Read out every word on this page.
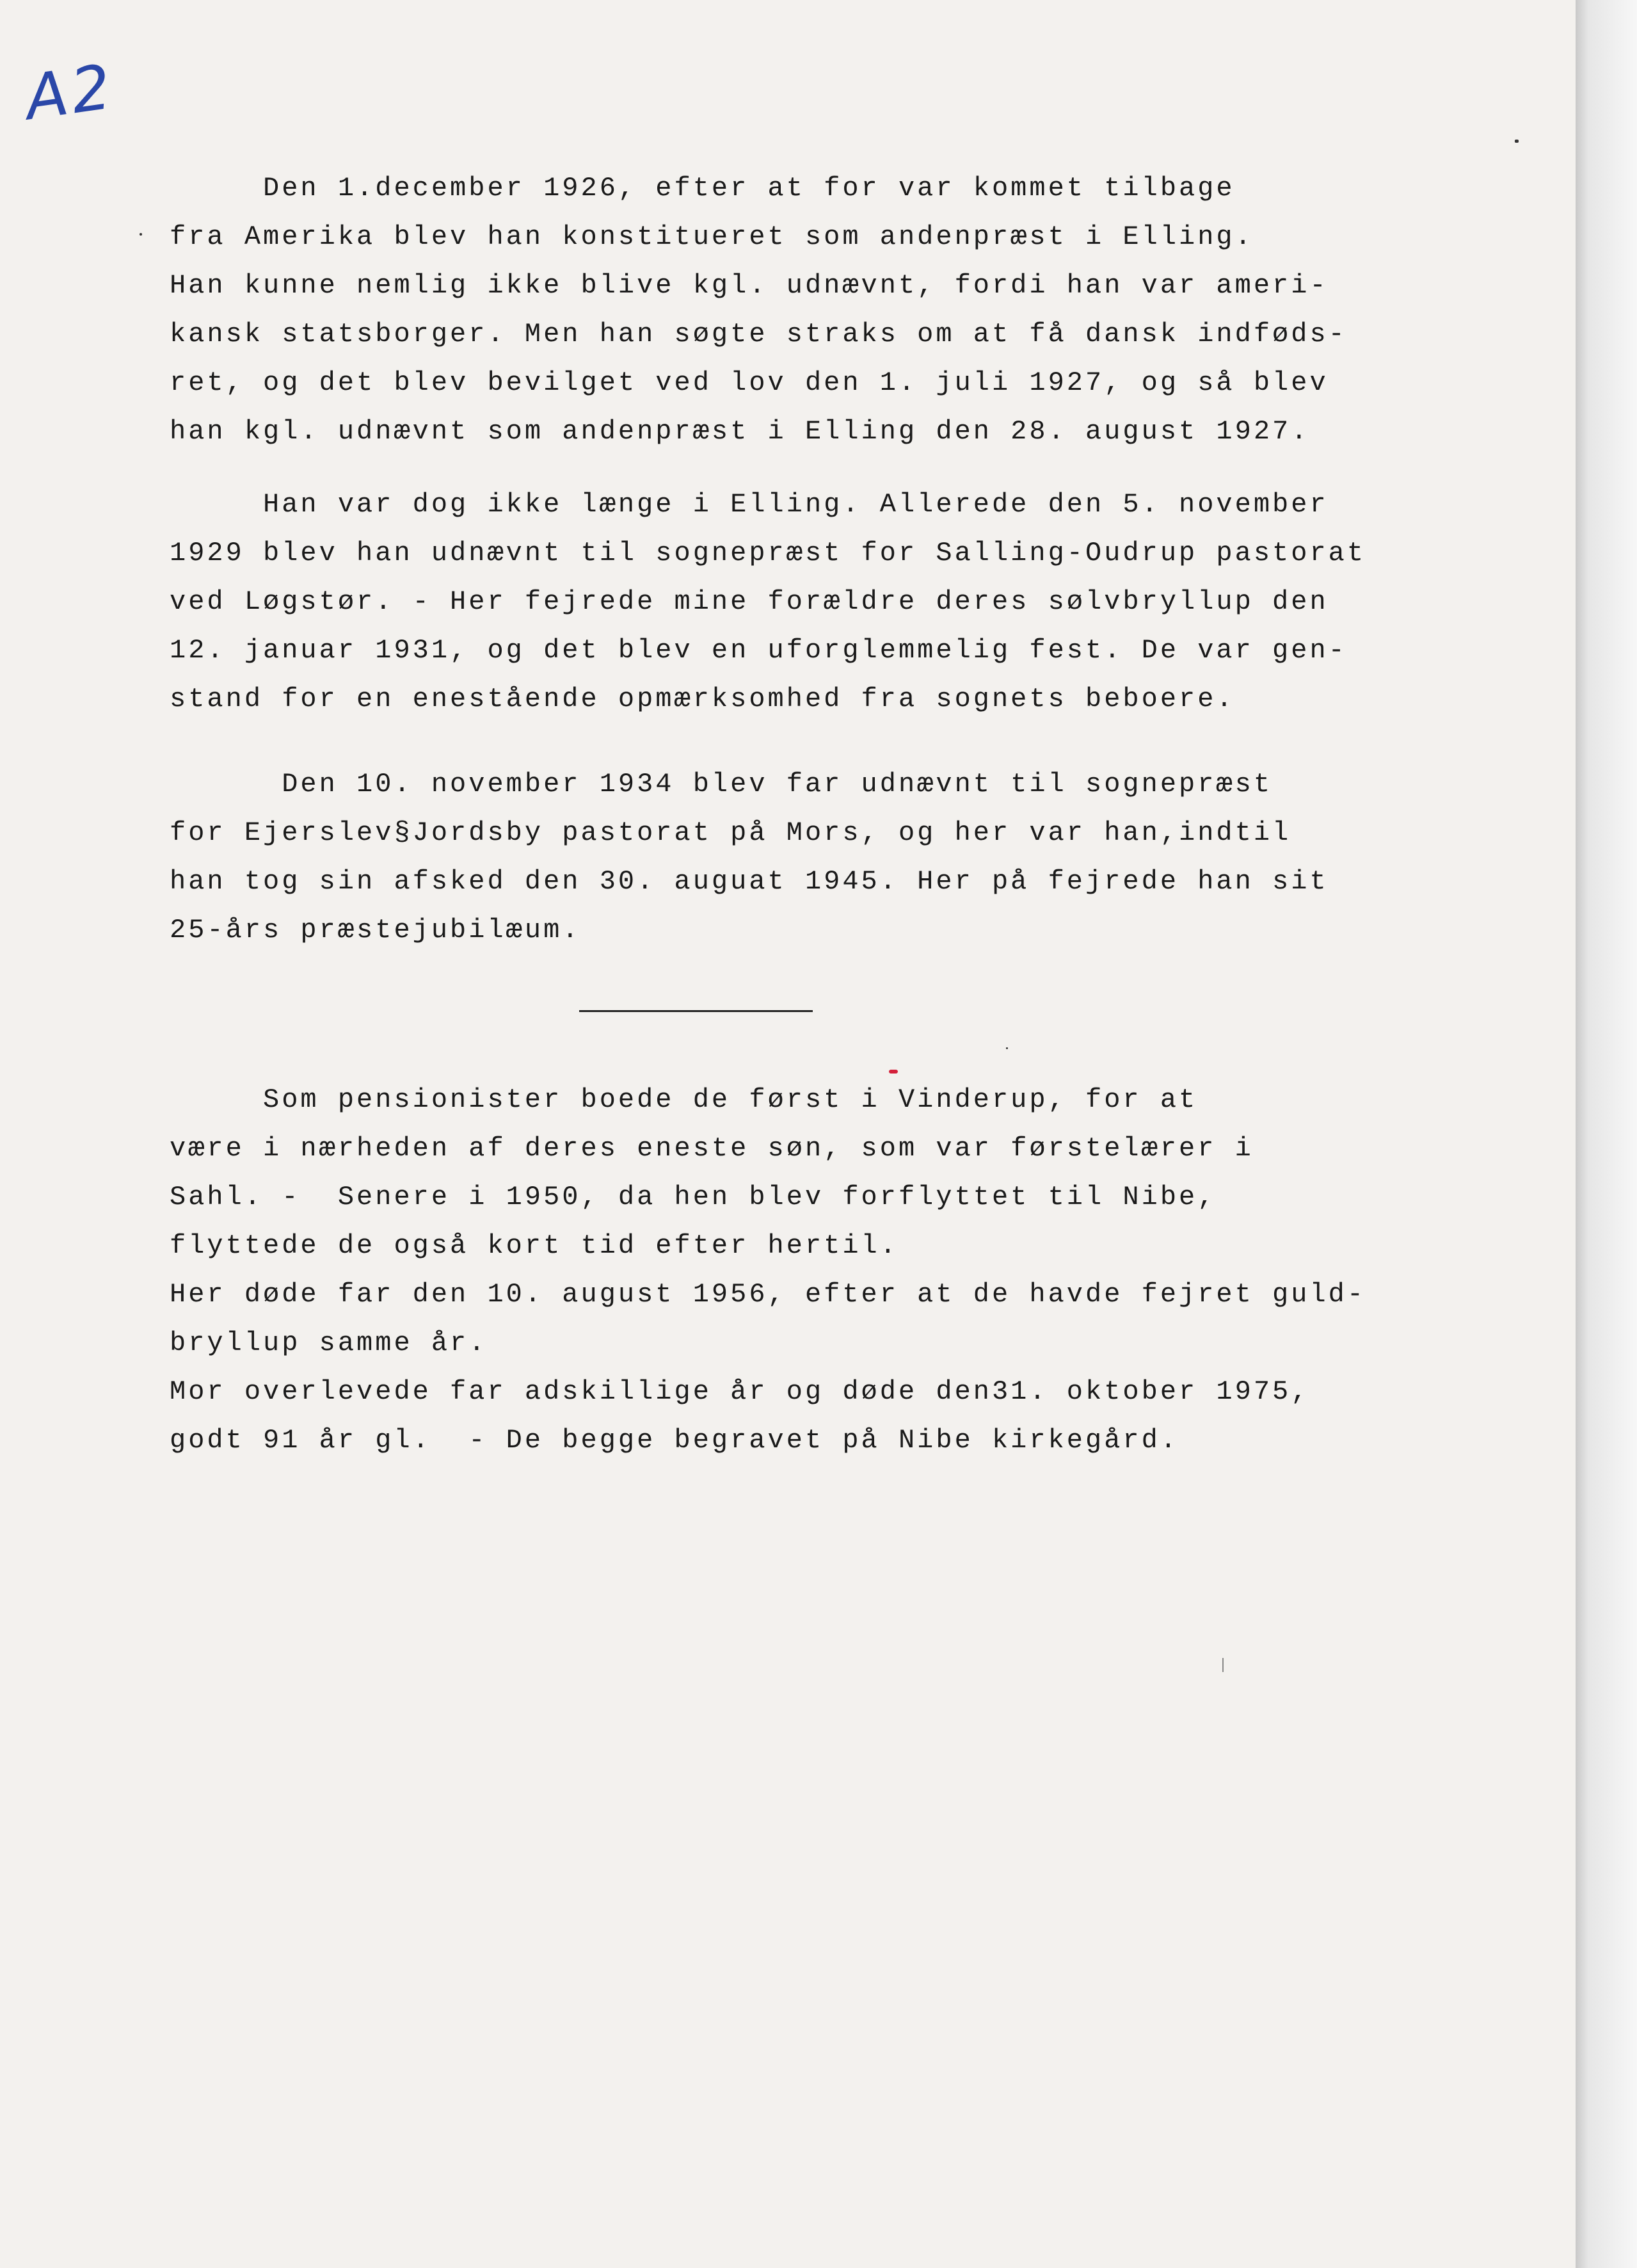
A2
Den 1.december 1926, efter at for var kommet tilbage
fra Amerika blev han konstitueret som andenpræst i Elling.
Han kunne nemlig ikke blive kgl. udnævnt, fordi han var ameri-
kansk statsborger. Men han søgte straks om at få dansk indføds-
ret, og det blev bevilget ved lov den 1. juli 1927, og så blev
han kgl. udnævnt som andenpræst i Elling den 28. august 1927.
Han var dog ikke længe i Elling. Allerede den 5. november
1929 blev han udnævnt til sognepræst for Salling-Oudrup pastorat
ved Løgstør. - Her fejrede mine forældre deres sølvbryllup den
12. januar 1931, og det blev en uforglemmelig fest. De var gen-
stand for en enestående opmærksomhed fra sognets beboere.
Den 10. november 1934 blev far udnævnt til sognepræst
for Ejerslev§Jordsby pastorat på Mors, og her var han,indtil
han tog sin afsked den 30. auguat 1945. Her på fejrede han sit
25-års præstejubilæum.
Som pensionister boede de først i Vinderup, for at
være i nærheden af deres eneste søn, som var førstelærer i
Sahl. -  Senere i 1950, da hen blev forflyttet til Nibe,
flyttede de også kort tid efter hertil.
Her døde far den 10. august 1956, efter at de havde fejret guld-
bryllup samme år.
Mor overlevede far adskillige år og døde den31. oktober 1975,
godt 91 år gl.  - De begge begravet på Nibe kirkegård.
